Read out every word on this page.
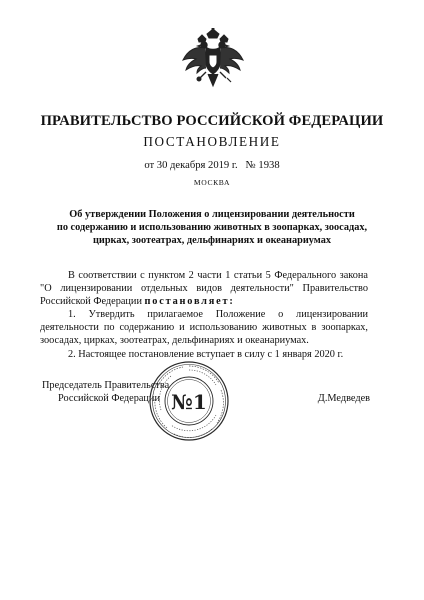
ПРАВИТЕЛЬСТВО РОССИЙСКОЙ ФЕДЕРАЦИИ
ПОСТАНОВЛЕНИЕ
от 30 декабря 2019 г. № 1938
МОСКВА
Об утверждении Положения о лицензировании деятельности
по содержанию и использованию животных в зоопарках, зоосадах,
цирках, зоотеатрах, дельфинариях и океанариумах
В соответствии с пунктом 2 части 1 статьи 5 Федерального закона "О лицензировании отдельных видов деятельности" Правительство Российской Федерации постановляет:
1. Утвердить прилагаемое Положение о лицензировании деятельности по содержанию и использованию животных в зоопарках, зоосадах, цирках, зоотеатрах, дельфинариях и океанариумах.
2. Настоящее постановление вступает в силу с 1 января 2020 г.
Председатель Правительства
Российской Федерации	Д.Медведев
№1
